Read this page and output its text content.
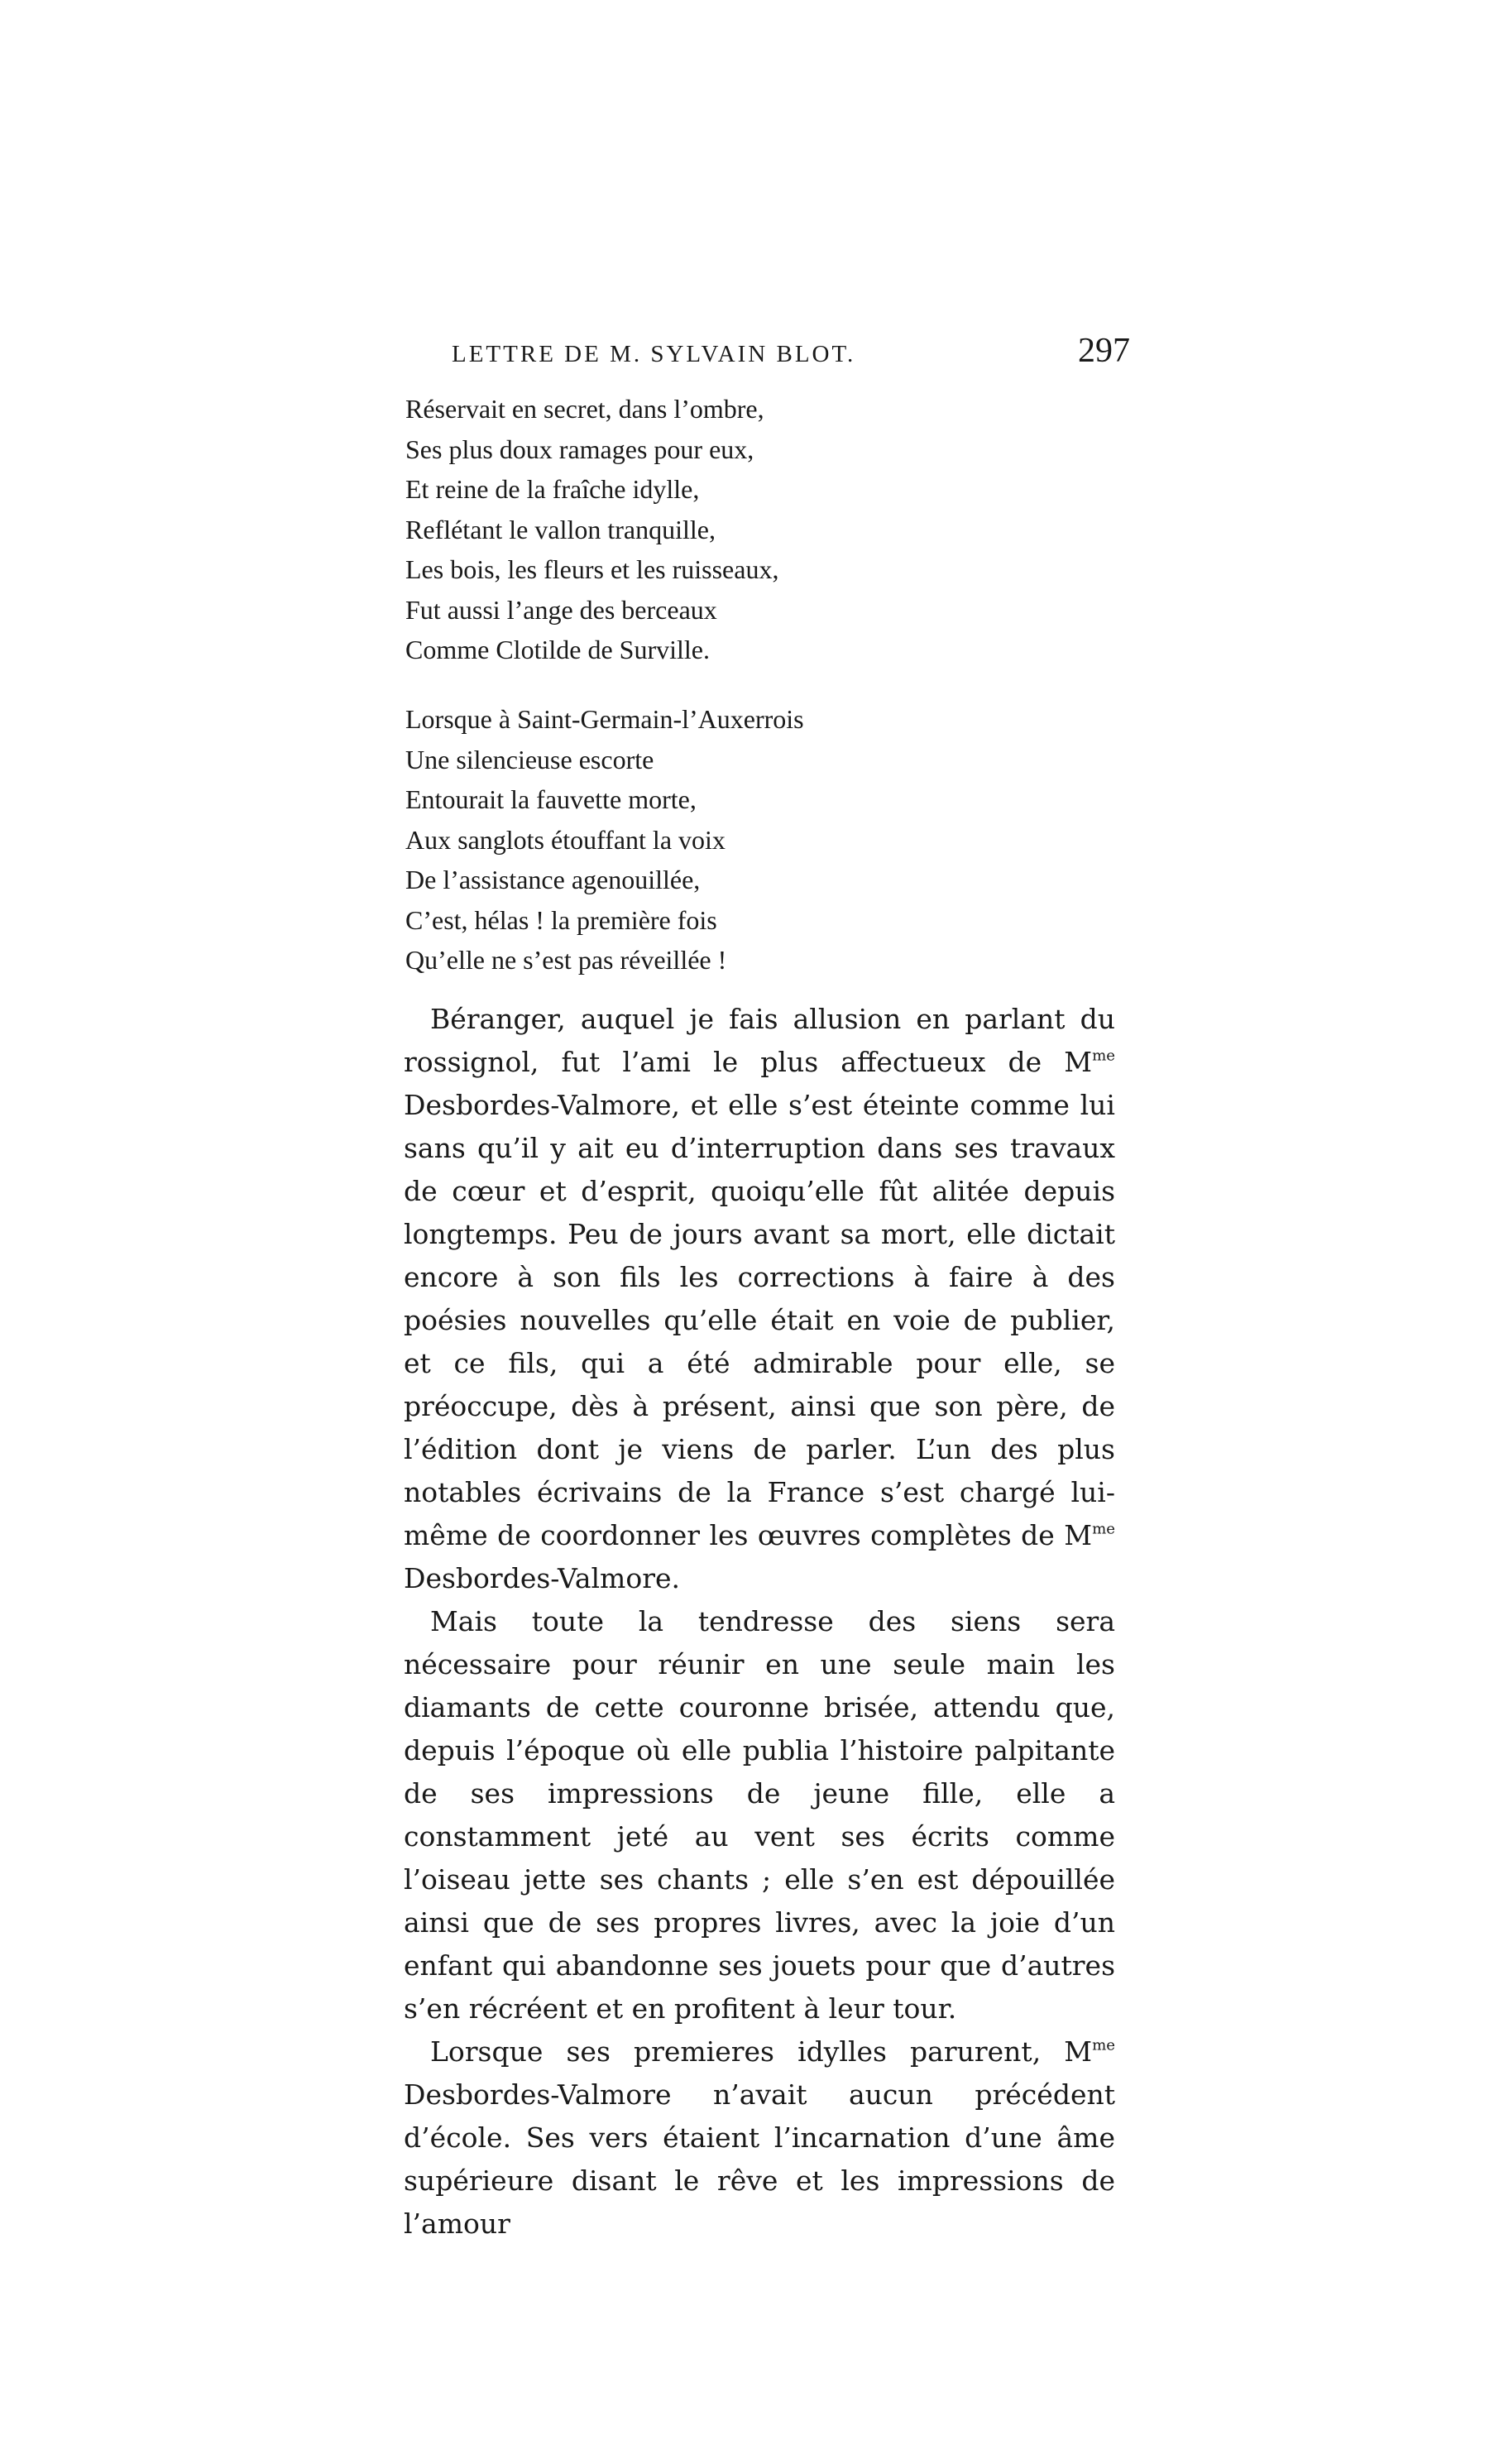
LETTRE DE M. SYLVAIN BLOT.	297
Réservait en secret, dans l’ombre,
Ses plus doux ramages pour eux,
Et reine de la fraîche idylle,
Reflétant le vallon tranquille,
Les bois, les fleurs et les ruisseaux,
Fut aussi l’ange des berceaux
Comme Clotilde de Surville.
Lorsque à Saint-Germain-l’Auxerrois
Une silencieuse escorte
Entourait la fauvette morte,
Aux sanglots étouffant la voix
De l’assistance agenouillée,
C’est, hélas ! la première fois
Qu’elle ne s’est pas réveillée !

Béranger, auquel je fais allusion en parlant du rossignol, fut l’ami le plus affectueux de $M^{me}$ Desbordes-Valmore, et elle s’est éteinte comme lui sans qu’il y ait eu d’interruption dans ses travaux de cœur et d’esprit, quoiqu’elle fût alitée depuis longtemps. Peu de jours avant sa mort, elle dictait encore à son fils les corrections à faire à des poésies nouvelles qu’elle était en voie de publier, et ce fils, qui a été admirable pour elle, se préoccupe, dès à présent, ainsi que son père, de l’édition dont je viens de parler. L’un des plus notables écrivains de la France s’est chargé lui-même de coordonner les œuvres complètes de $M^{me}$ Desbordes-Valmore.

Mais toute la tendresse des siens sera nécessaire pour réunir en une seule main les diamants de cette couronne brisée, attendu que, depuis l’époque où elle publia l’histoire palpitante de ses impressions de jeune fille, elle a constamment jeté au vent ses écrits comme l’oiseau jette ses chants ; elle s’en est dépouillée ainsi que de ses propres livres, avec la joie d’un enfant qui abandonne ses jouets pour que d’autres s’en récréent et en profitent à leur tour.

Lorsque ses premieres idylles parurent, $M^{me}$ Desbordes-Valmore n’avait aucun précédent d’école. Ses vers étaient l’incarnation d’une âme supérieure disant le rêve et les impressions de l’amour
